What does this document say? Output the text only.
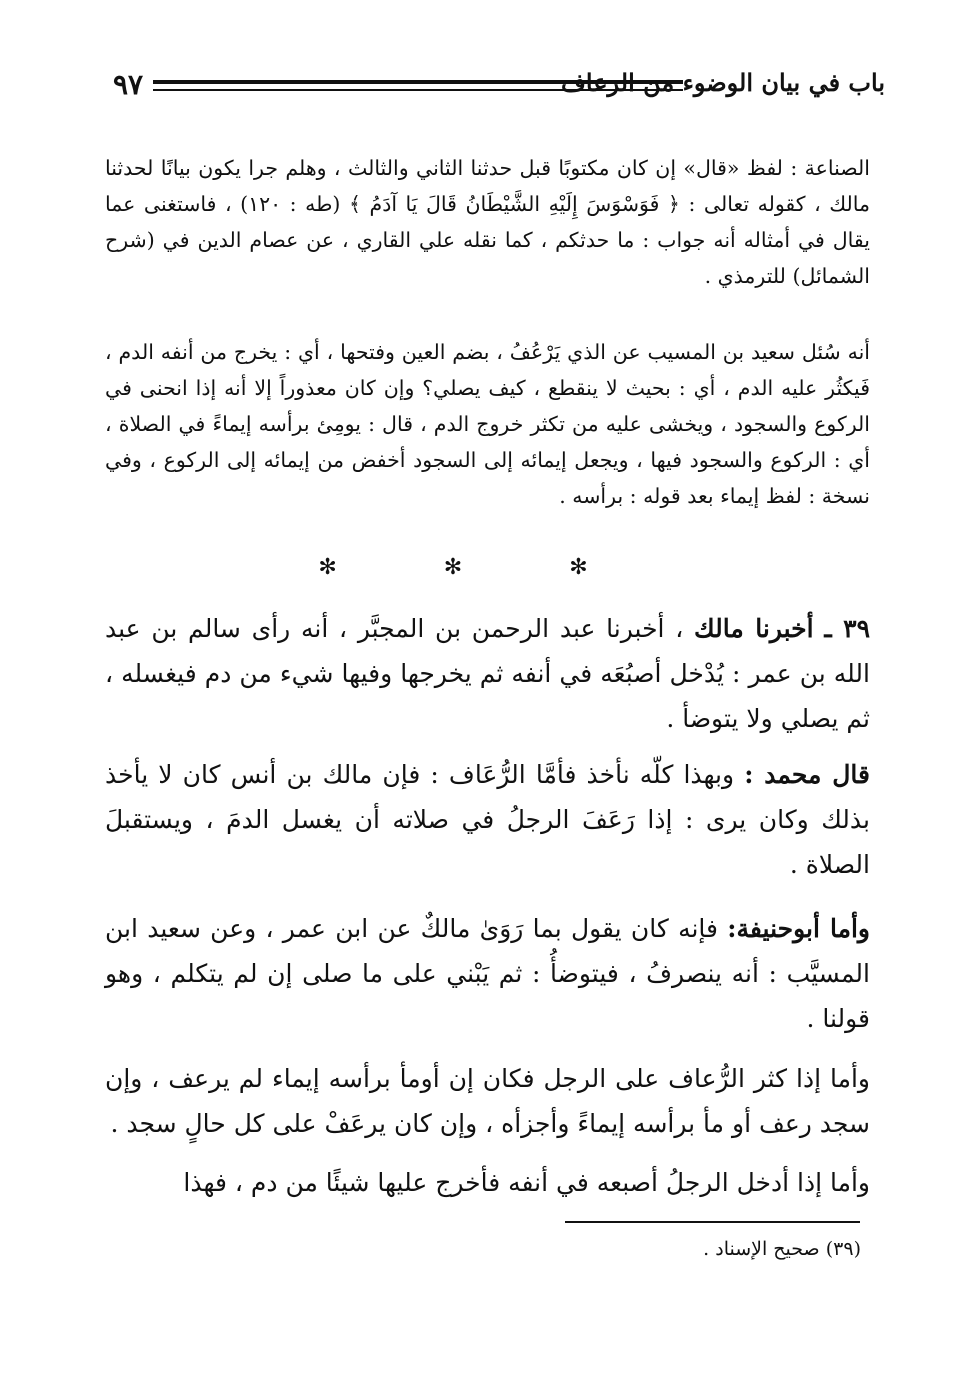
٩٧	باب في بيان الوضوء من الرعاف

الصناعة : لفظ «قال» إن كان مكتوبًا قبل حدثنا الثاني والثالث ، وهلم جرا يكون بيانًا لحدثنا مالك ، كقوله تعالى : ﴿ فَوَسْوَسَ إِلَيْهِ الشَّيْطَانُ قَالَ يَا آدَمُ ﴾ (طه : ١٢٠) ، فاستغنى عما يقال في أمثاله أنه جواب : ما حدثكم ، كما نقله علي القاري ، عن عصام الدين في (شرح الشمائل) للترمذي .

أنه سُئل سعيد بن المسيب عن الذي يَرْعُفُ ، بضم العين وفتحها ، أي : يخرج من أنفه الدم ، فَيكثُر عليه الدم ، أي : بحيث لا ينقطع ، كيف يصلي؟ وإن كان معذوراً إلا أنه إذا انحنى في الركوع والسجود ، ويخشى عليه من تكثر خروج الدم ، قال : يومِئ برأسه إيماءً في الصلاة ، أي : الركوع والسجود فيها ، ويجعل إيمائه إلى السجود أخفض من إيمائه إلى الركوع ، وفي نسخة : لفظ إيماء بعد قوله : برأسه .

✻ ✻ ✻

٣٩ ـ أخبرنا مالك ، أخبرنا عبد الرحمن بن المجبَّر ، أنه رأى سالم بن عبد الله بن عمر : يُدْخل أصبُعَه في أنفه ثم يخرجها وفيها شيء من دم فيغسله ، ثم يصلي ولا يتوضأ .

قال محمد : وبهذا كلّه نأخذ فأمَّا الرُّعَاف : فإن مالك بن أنس كان لا يأخذ بذلك وكان يرى : إذا رَعَفَ الرجلُ في صلاته أن يغسل الدمَ ، ويستقبلَ الصلاة .

وأما أبوحنيفة: فإنه كان يقول بما رَوَىٰ مالكٌ عن ابن عمر ، وعن سعيد ابن المسيَّب : أنه ينصرفُ ، فيتوضأُ : ثم يَبْني على ما صلى إن لم يتكلم ، وهو قولنا .

وأما إذا كثر الرُّعاف على الرجل فكان إن أومأ برأسه إيماء لم يرعف ، وإن سجد رعف أو مأ برأسه إيماءً وأجزأه ، وإن كان يرعَفْ على كل حالٍ سجد .

وأما إذا أدخل الرجلُ أصبعه في أنفه فأخرج عليها شيئًا من دم ، فهذا

(٣٩) صحيح الإسناد .
